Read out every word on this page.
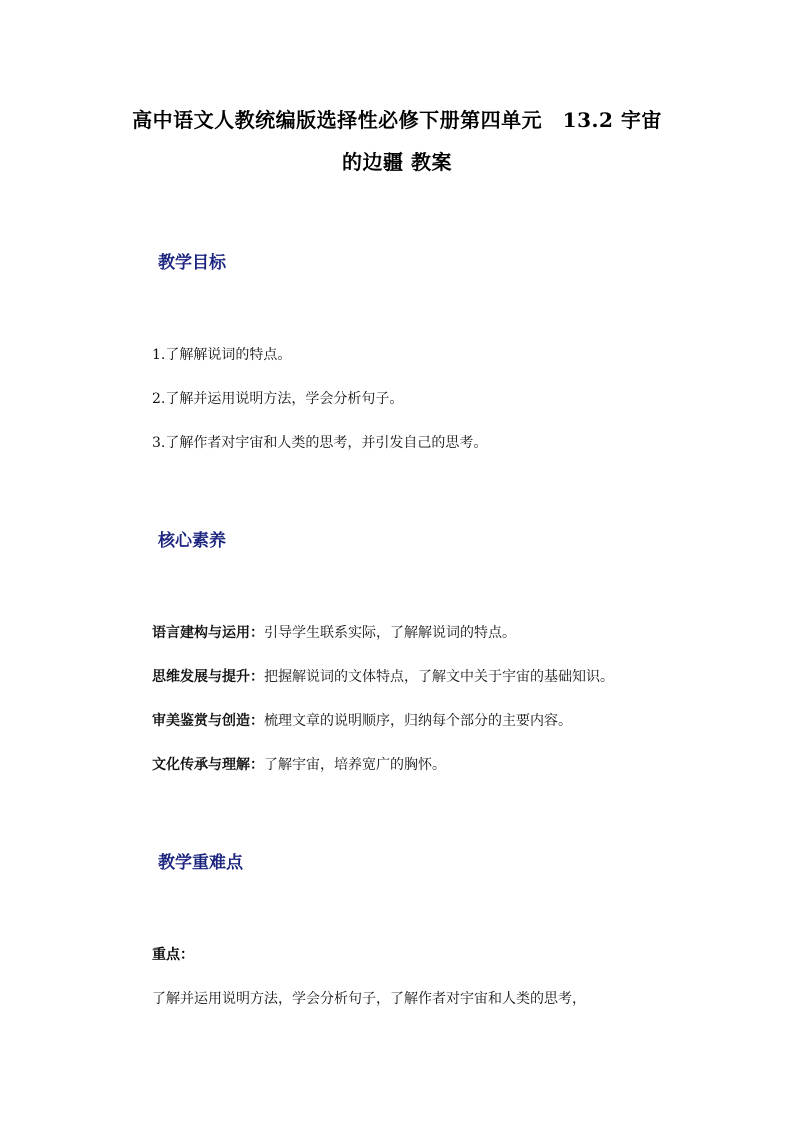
高中语文人教统编版选择性必修下册第四单元　13.2 宇宙
的边疆 教案
教学目标
1.了解解说词的特点。
2.了解并运用说明方法，学会分析句子。
3.了解作者对宇宙和人类的思考，并引发自己的思考。
核心素养
语言建构与运用：引导学生联系实际，了解解说词的特点。
思维发展与提升：把握解说词的文体特点，了解文中关于宇宙的基础知识。
审美鉴赏与创造：梳理文章的说明顺序，归纳每个部分的主要内容。
文化传承与理解：了解宇宙，培养宽广的胸怀。
教学重难点
重点：
了解并运用说明方法，学会分析句子，了解作者对宇宙和人类的思考，
